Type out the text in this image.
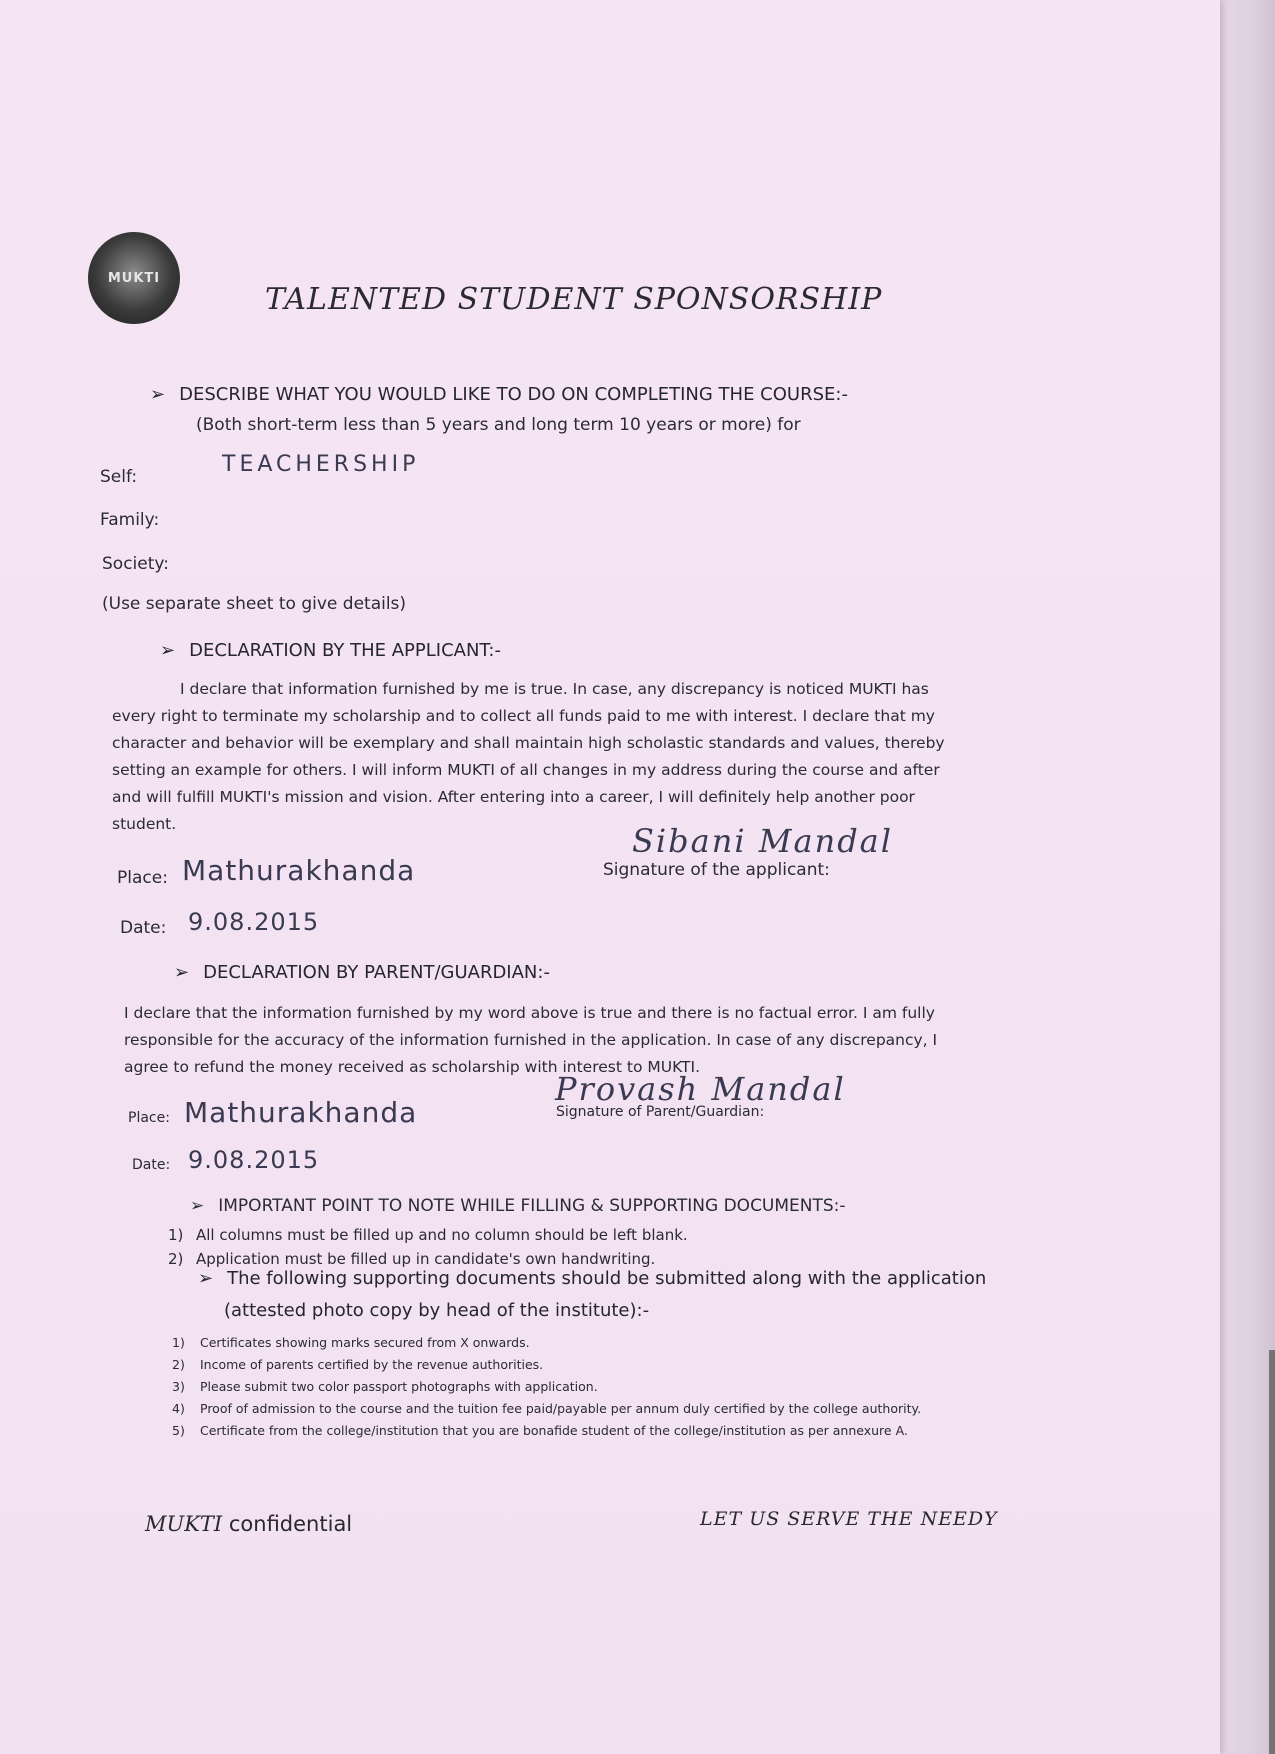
MUKTI
TALENTED STUDENT SPONSORSHIP
➢ DESCRIBE WHAT YOU WOULD LIKE TO DO ON COMPLETING THE COURSE:-
(Both short-term less than 5 years and long term 10 years or more) for
Self:	TEACHERSHIP
Family:
Society:
(Use separate sheet to give details)
➢ DECLARATION BY THE APPLICANT:-
I declare that information furnished by me is true. In case, any discrepancy is noticed MUKTI has
every right to terminate my scholarship and to collect all funds paid to me with interest. I declare that my
character and behavior will be exemplary and shall maintain high scholastic standards and values, thereby
setting an example for others. I will inform MUKTI of all changes in my address during the course and after
and will fulfill MUKTI's mission and vision. After entering into a career, I will definitely help another poor
student.
Place: Mathurakhanda
Sibani Mandal
Signature of the applicant:
Date: 9.08.2015
➢ DECLARATION BY PARENT/GUARDIAN:-
I declare that the information furnished by my word above is true and there is no factual error. I am fully
responsible for the accuracy of the information furnished in the application. In case of any discrepancy, I
agree to refund the money received as scholarship with interest to MUKTI.
Place: Mathurakhanda
Provash Mandal
Signature of Parent/Guardian:
Date: 9.08.2015
➢ IMPORTANT POINT TO NOTE WHILE FILLING & SUPPORTING DOCUMENTS:-
1) All columns must be filled up and no column should be left blank.
2) Application must be filled up in candidate's own handwriting.
➢ The following supporting documents should be submitted along with the application
(attested photo copy by head of the institute):-
1) Certificates showing marks secured from X onwards.
2) Income of parents certified by the revenue authorities.
3) Please submit two color passport photographs with application.
4) Proof of admission to the course and the tuition fee paid/payable per annum duly certified by the college authority.
5) Certificate from the college/institution that you are bonafide student of the college/institution as per annexure A.
MUKTI confidential	LET US SERVE THE NEEDY
